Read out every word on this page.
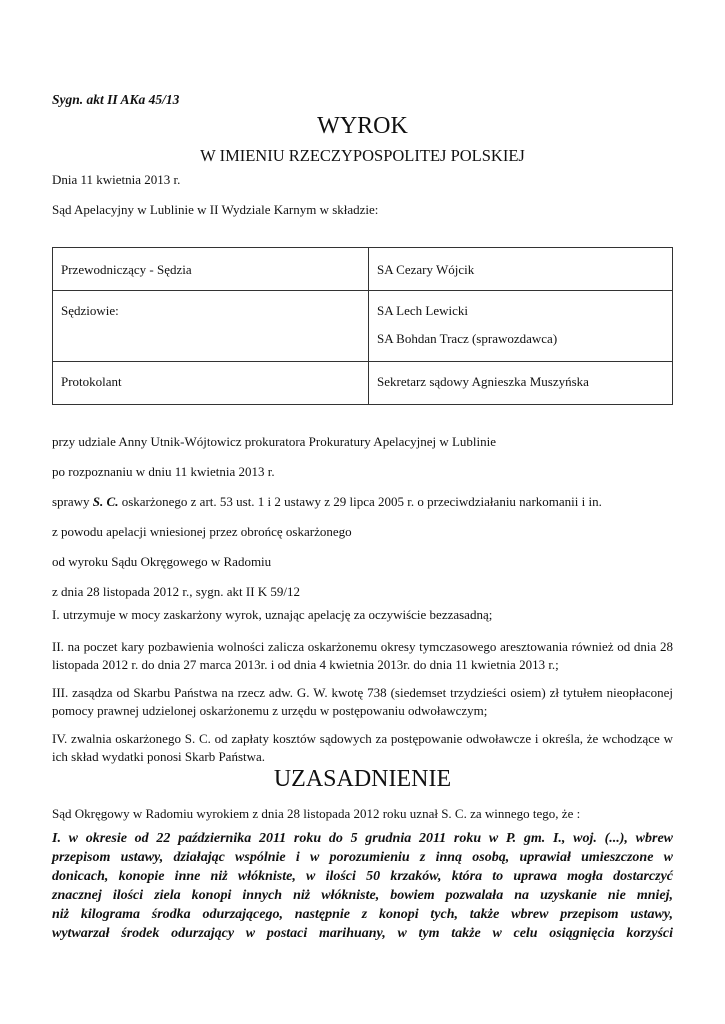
Sygn. akt II AKa 45/13
WYROK
W IMIENIU RZECZYPOSPOLITEJ POLSKIEJ
Dnia 11 kwietnia 2013 r.
Sąd Apelacyjny w Lublinie w II Wydziale Karnym w składzie:
Przewodniczący - Sędzia	SA Cezary Wójcik

Sędziowie:	SA Lech Lewicki
SA Bohdan Tracz (sprawozdawca)

Protokolant	Sekretarz sądowy Agnieszka Muszyńska
przy udziale Anny Utnik-Wójtowicz prokuratora Prokuratury Apelacyjnej w Lublinie
po rozpoznaniu w dniu 11 kwietnia 2013 r.
sprawy S. C. oskarżonego z art. 53 ust. 1 i 2 ustawy z 29 lipca 2005 r. o przeciwdziałaniu narkomanii i in.
z powodu apelacji wniesionej przez obrońcę oskarżonego
od wyroku Sądu Okręgowego w Radomiu
z dnia 28 listopada 2012 r., sygn. akt II K 59/12
I. utrzymuje w mocy zaskarżony wyrok, uznając apelację za oczywiście bezzasadną;
II. na poczet kary pozbawienia wolności zalicza oskarżonemu okresy tymczasowego aresztowania również od dnia 28 listopada 2012 r. do dnia 27 marca 2013r. i od dnia 4 kwietnia 2013r. do dnia 11 kwietnia 2013 r.;
III. zasądza od Skarbu Państwa na rzecz adw. G. W. kwotę 738 (siedemset trzydzieści osiem) zł tytułem nieopłaconej pomocy prawnej udzielonej oskarżonemu z urzędu w postępowaniu odwoławczym;
IV. zwalnia oskarżonego S. C. od zapłaty kosztów sądowych za postępowanie odwoławcze i określa, że wchodzące w ich skład wydatki ponosi Skarb Państwa.
UZASADNIENIE
Sąd Okręgowy w Radomiu wyrokiem z dnia 28 listopada 2012 roku uznał S. C. za winnego tego, że :
I. w okresie od 22 października 2011 roku do 5 grudnia 2011 roku w P. gm. I., woj. (...), wbrew
przepisom ustawy, działając wspólnie i w porozumieniu z inną osobą, uprawiał umieszczone w
donicach, konopie inne niż włókniste, w ilości 50 krzaków, która to uprawa mogła dostarczyć
znacznej ilości ziela konopi innych niż włókniste, bowiem pozwalała na uzyskanie nie mniej,
niż kilograma środka odurzającego, następnie z konopi tych, także wbrew przepisom ustawy,
wytwarzał środek odurzający w postaci marihuany, w tym także w celu osiągnięcia korzyści
